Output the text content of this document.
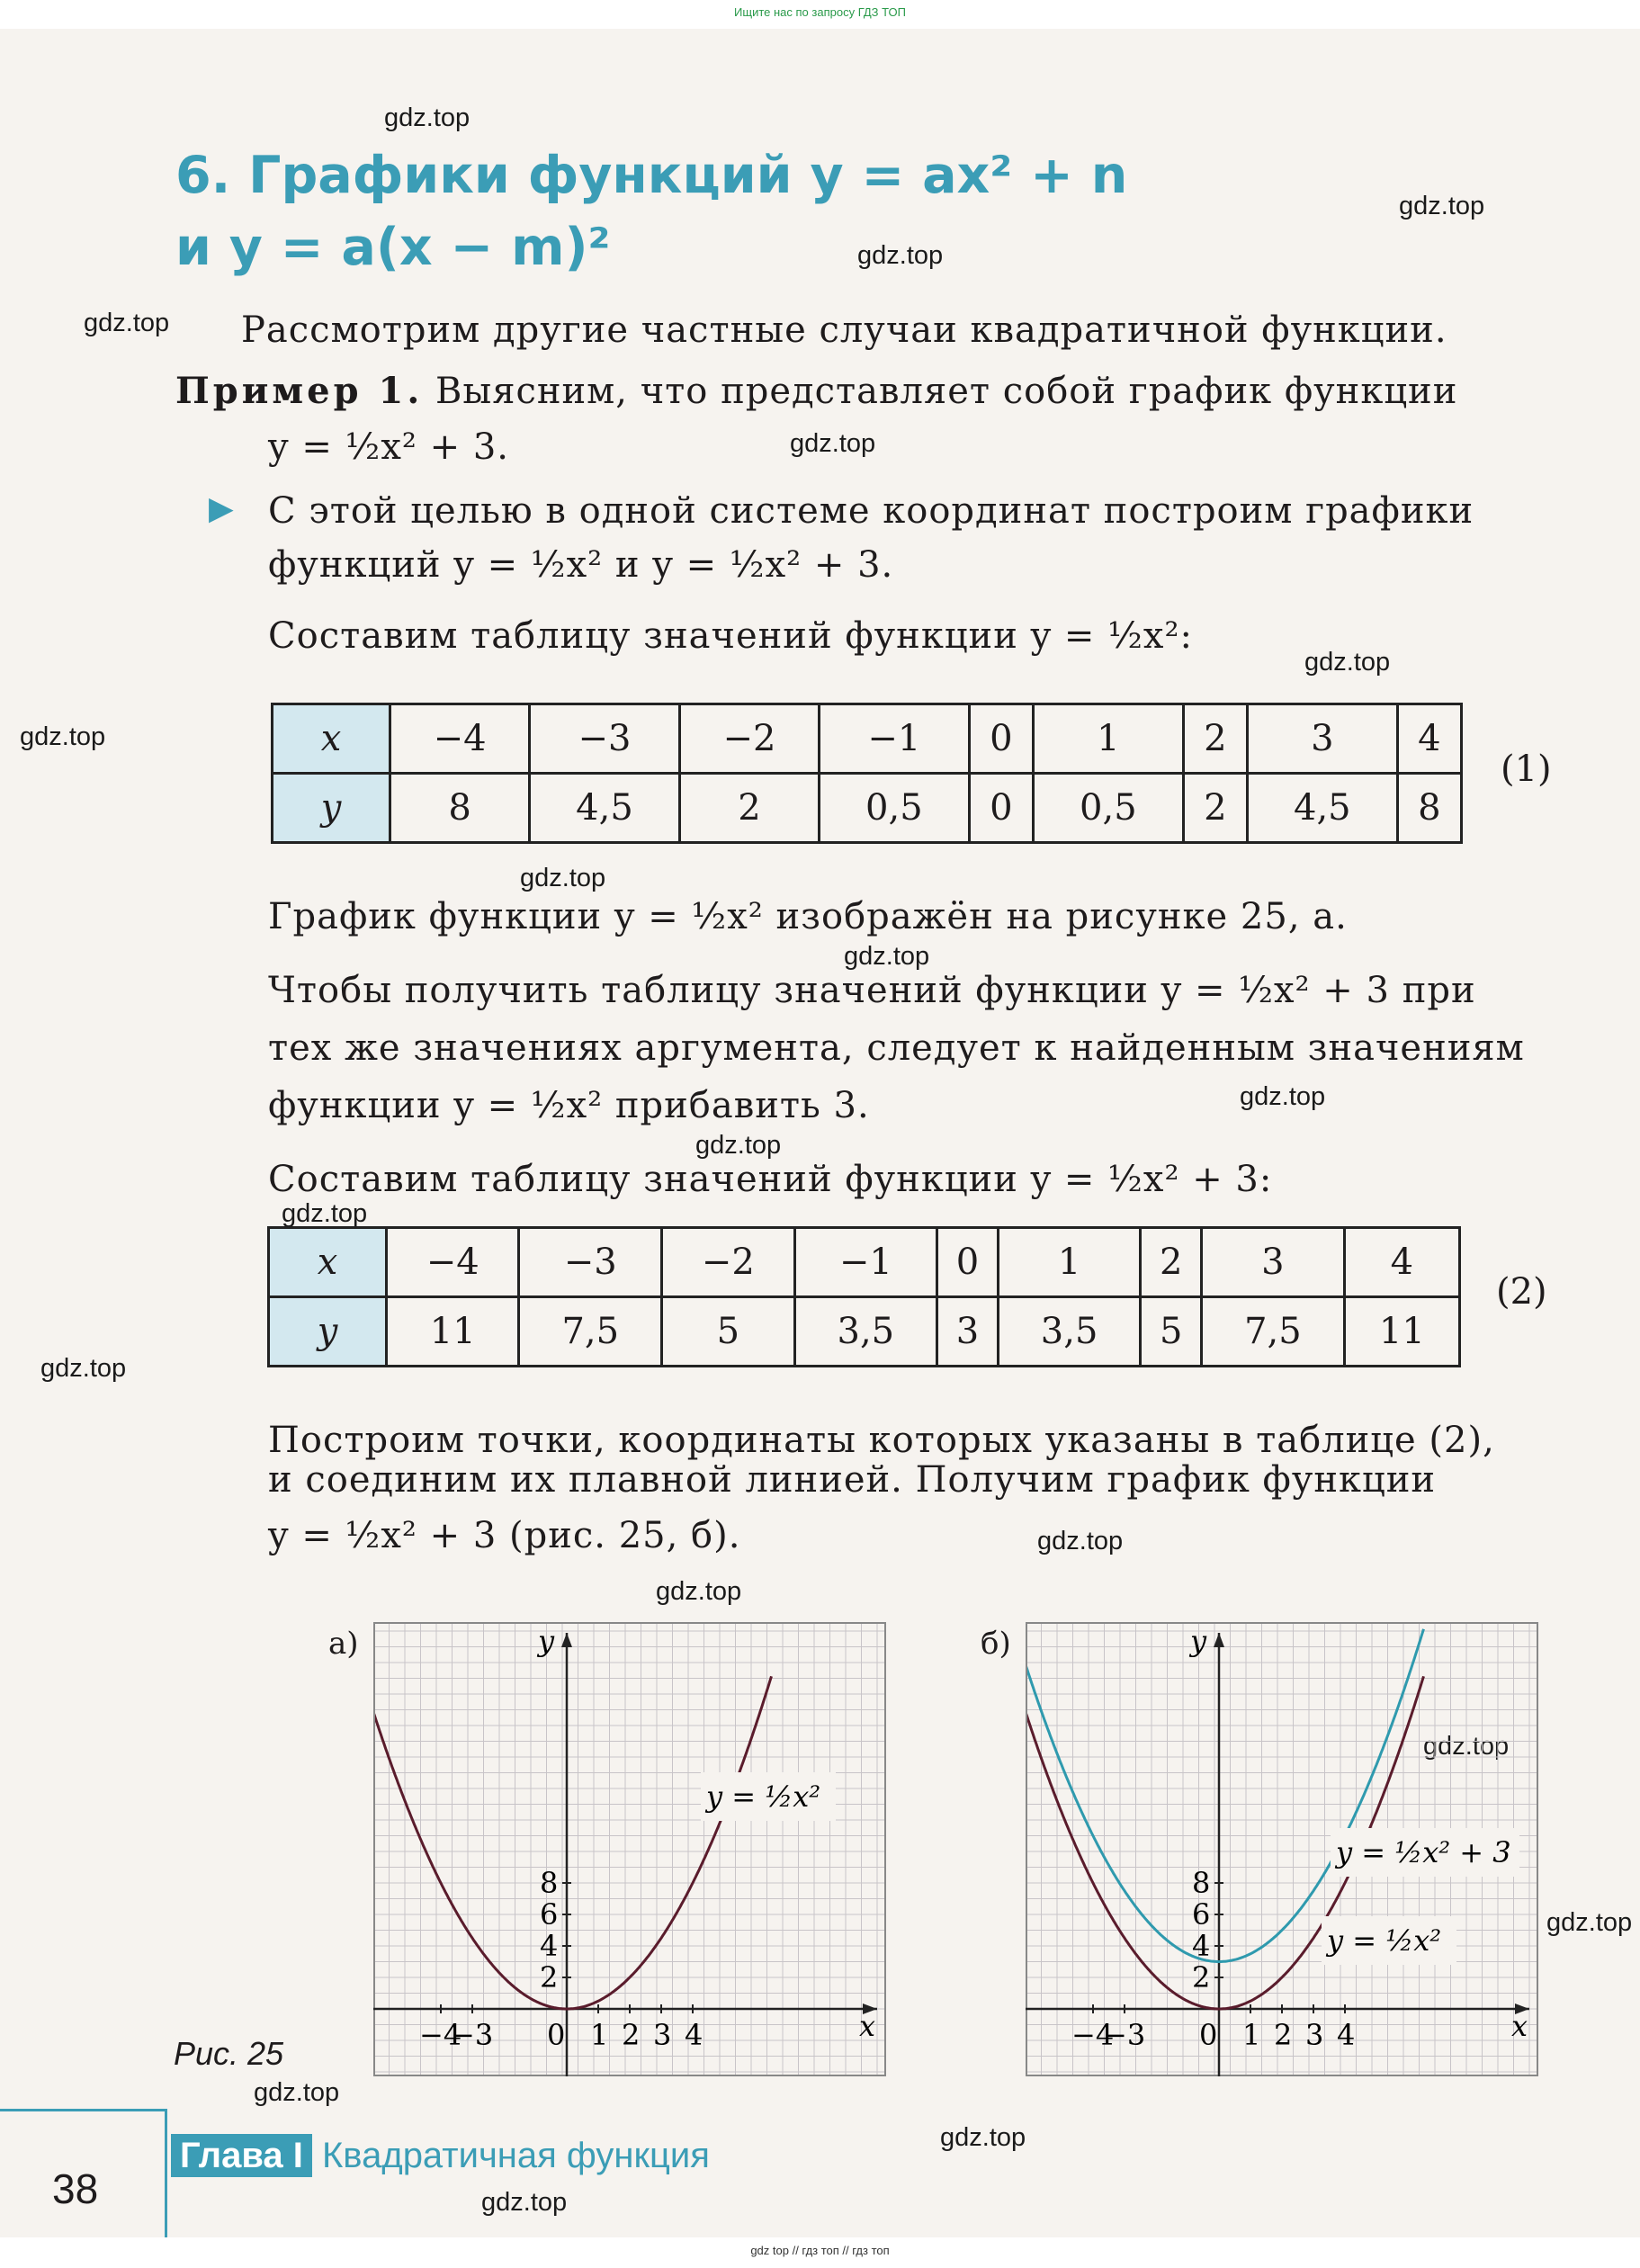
Ищите нас по запросу ГДЗ ТОП
gdz.top
gdz.top
gdz.top
gdz.top
gdz.top
gdz.top
gdz.top
gdz.top
gdz.top
gdz.top
gdz.top
gdz.top
gdz.top
gdz.top
gdz.top
gdz.top
gdz.top
gdz.top
gdz.top
gdz.top
6. Графики функций y = ax² + n
и y = a(x − m)²
Рассмотрим другие частные случаи квадратичной функции.
Пример 1. Выясним, что представляет собой график функции
y = ½x² + 3.
▶ С этой целью в одной системе координат построим графики
функций y = ½x² и y = ½x² + 3.
Составим таблицу значений функции y = ½x²:
x	−4	−3	−2	−1	0	1	2	3	4
y	8	4,5	2	0,5	0	0,5	2	4,5	8
(1)
График функции y = ½x² изображён на рисунке 25, а.
Чтобы получить таблицу значений функции y = ½x² + 3 при
тех же значениях аргумента, следует к найденным значениям
функции y = ½x² прибавить 3.
Составим таблицу значений функции y = ½x² + 3:
x	−4	−3	−2	−1	0	1	2	3	4
y	11	7,5	5	3,5	3	3,5	5	7,5	11
(2)
Построим точки, координаты которых указаны в таблице (2),
и соединим их плавной линией. Получим график функции
y = ½x² + 3 (рис. 25, б).
а)	y
x
2
4
6
8
−4
−3 0 1 2 3 4
y = ½x²
б)	y
x
2
4
6
8
−4
−3 0 1 2 3 4
y = ½x² + 3
y = ½x²
Рис. 25
38
Глава I Квадратичная функция
gdz top // гдз топ // гдз топ
